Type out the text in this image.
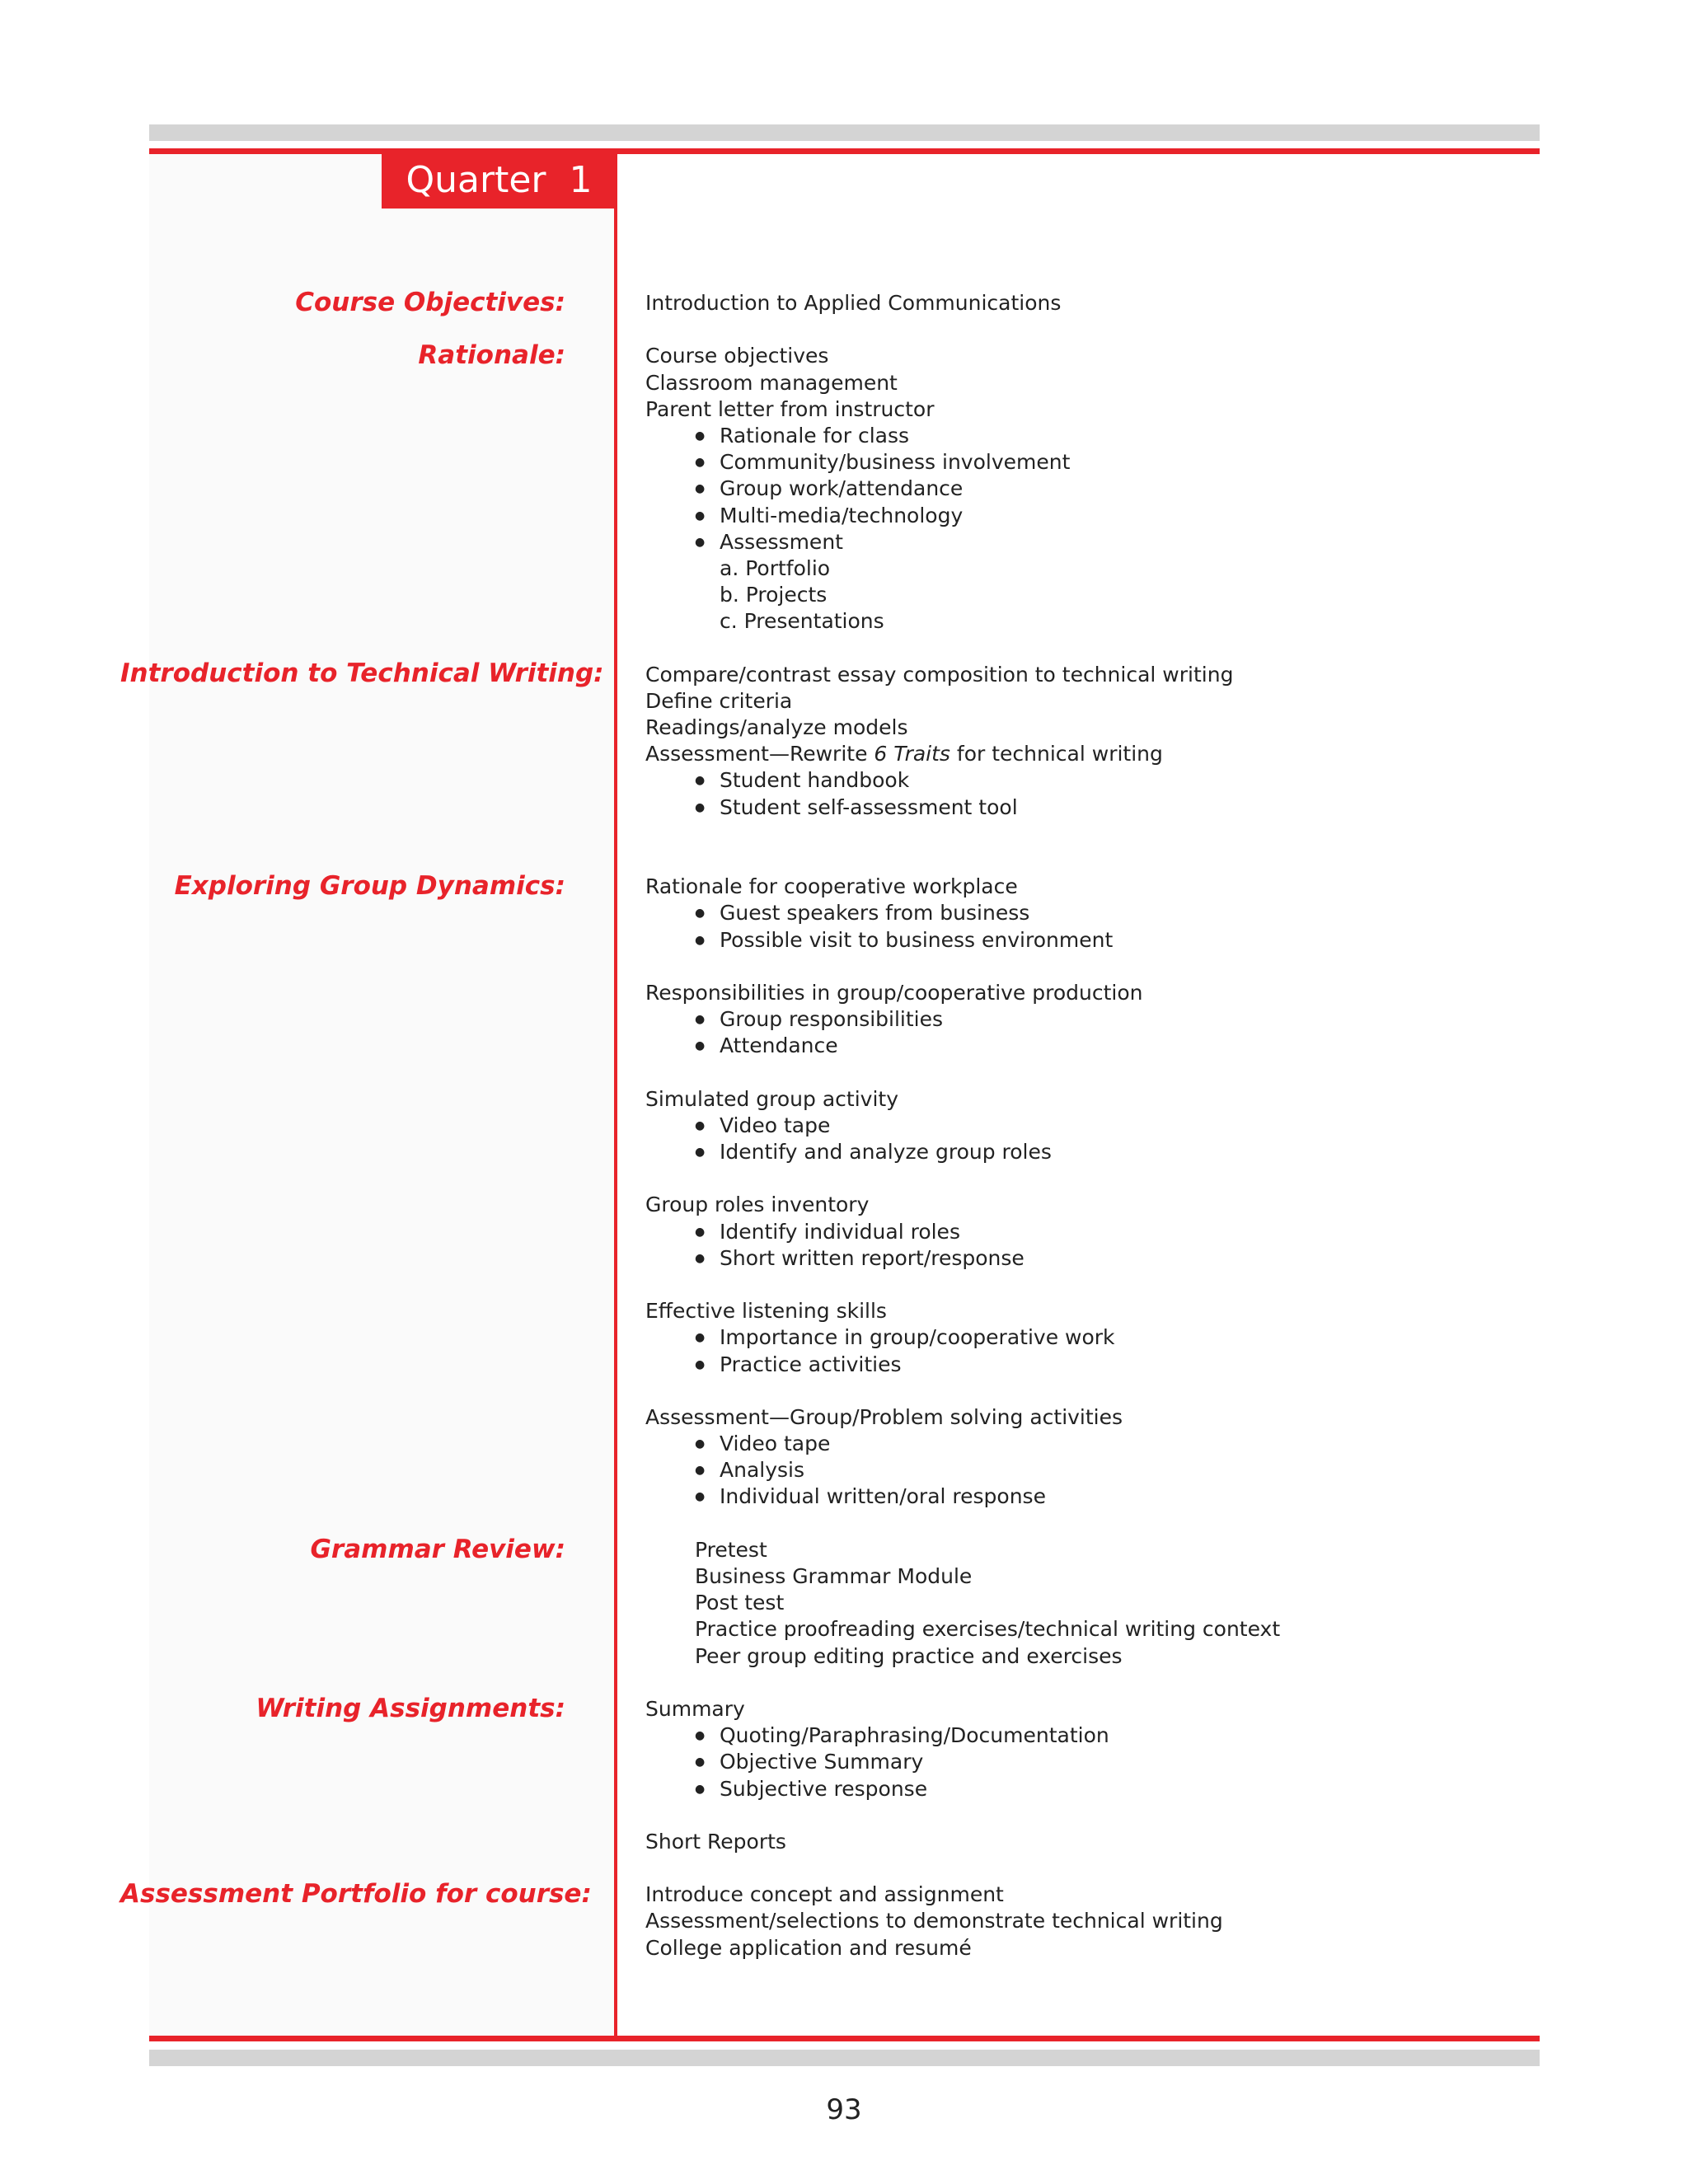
Quarter  1
Course Objectives:
Rationale:
Introduction to Technical Writing:
Exploring Group Dynamics:
Grammar Review:
Writing Assignments:
Assessment Portfolio for course:
Introduction to Applied Communications
Course objectives
Classroom management
Parent letter from instructor
● Rationale for class
● Community/business involvement
● Group work/attendance
● Multi-media/technology
● Assessment
a. Portfolio
b. Projects
c. Presentations
Compare/contrast essay composition to technical writing
Define criteria
Readings/analyze models
Assessment—Rewrite 6 Traits for technical writing
● Student handbook
● Student self-assessment tool
Rationale for cooperative workplace
● Guest speakers from business
● Possible visit to business environment
Responsibilities in group/cooperative production
● Group responsibilities
● Attendance
Simulated group activity
● Video tape
● Identify and analyze group roles
Group roles inventory
● Identify individual roles
● Short written report/response
Effective listening skills
● Importance in group/cooperative work
● Practice activities
Assessment—Group/Problem solving activities
● Video tape
● Analysis
● Individual written/oral response
Pretest
Business Grammar Module
Post test
Practice proofreading exercises/technical writing context
Peer group editing practice and exercises
Summary
● Quoting/Paraphrasing/Documentation
● Objective Summary
● Subjective response
Short Reports
Introduce concept and assignment
Assessment/selections to demonstrate technical writing
College application and resumé
93
